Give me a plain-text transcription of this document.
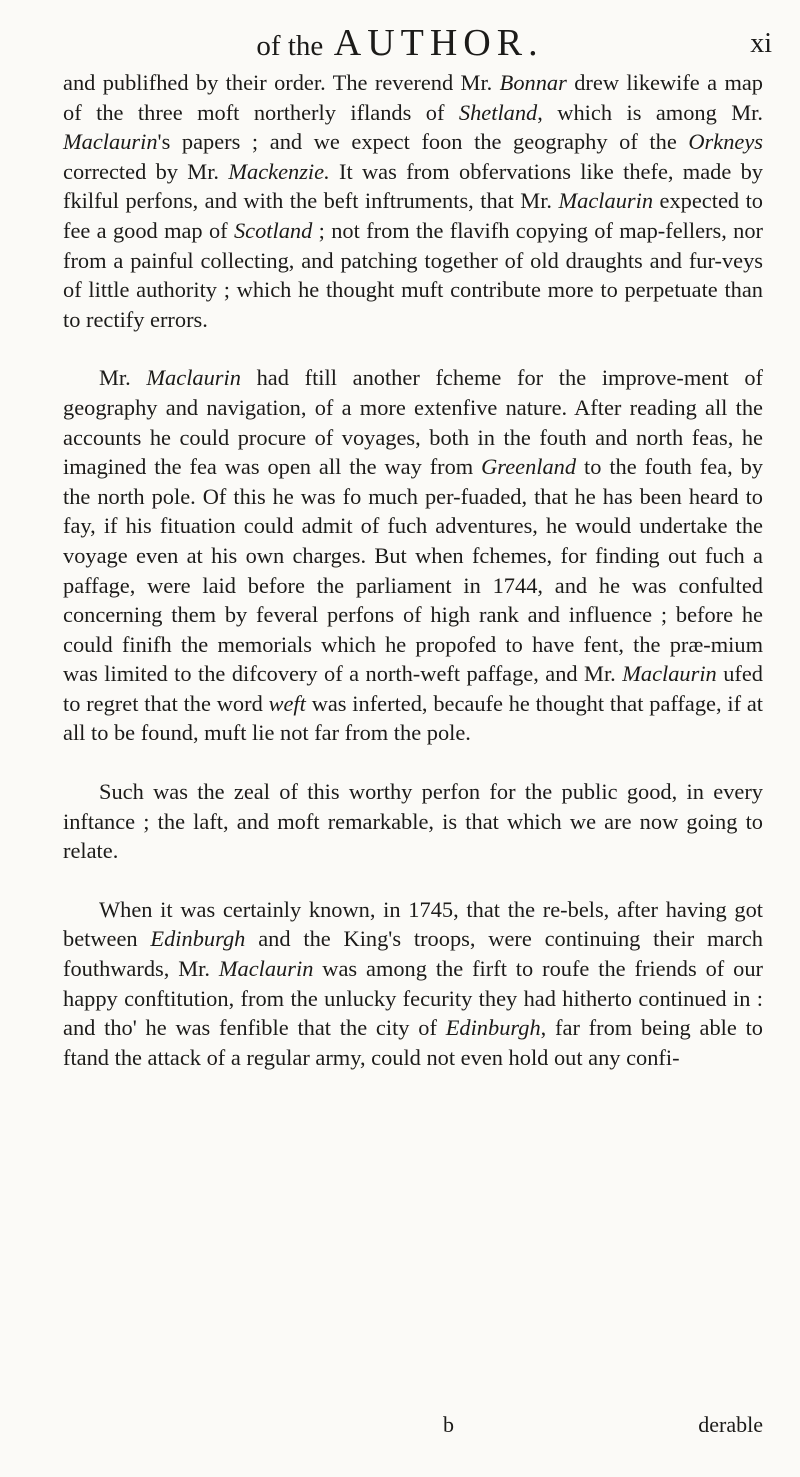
of the AUTHOR.	xi

and publifhed by their order. The reverend Mr. Bonnar drew likewife a map of the three moft northerly iflands of Shetland, which is among Mr. Maclaurin's papers ; and we expect foon the geography of the Orkneys corrected by Mr. Mackenzie. It was from obfervations like thefe, made by fkilful perfons, and with the beft inftruments, that Mr. Maclaurin expected to fee a good map of Scotland ; not from the flavifh copying of map-fellers, nor from a painful collecting, and patching together of old draughts and fur-veys of little authority ; which he thought muft contribute more to perpetuate than to rectify errors.

Mr. Maclaurin had ftill another fcheme for the improve-ment of geography and navigation, of a more extenfive nature. After reading all the accounts he could procure of voyages, both in the fouth and north feas, he imagined the fea was open all the way from Greenland to the fouth fea, by the north pole. Of this he was fo much per-fuaded, that he has been heard to fay, if his fituation could admit of fuch adventures, he would undertake the voyage even at his own charges. But when fchemes, for finding out fuch a paffage, were laid before the parliament in 1744, and he was confulted concerning them by feveral perfons of high rank and influence ; before he could finifh the memorials which he propofed to have fent, the præ-mium was limited to the difcovery of a north-weft paffage, and Mr. Maclaurin ufed to regret that the word weft was inferted, becaufe he thought that paffage, if at all to be found, muft lie not far from the pole.

Such was the zeal of this worthy perfon for the public good, in every inftance ; the laft, and moft remarkable, is that which we are now going to relate.

When it was certainly known, in 1745, that the re-bels, after having got between Edinburgh and the King's troops, were continuing their march fouthwards, Mr. Maclaurin was among the firft to roufe the friends of our happy conftitution, from the unlucky fecurity they had hitherto continued in : and tho' he was fenfible that the city of Edinburgh, far from being able to ftand the attack of a regular army, could not even hold out any confi-

b	derable
